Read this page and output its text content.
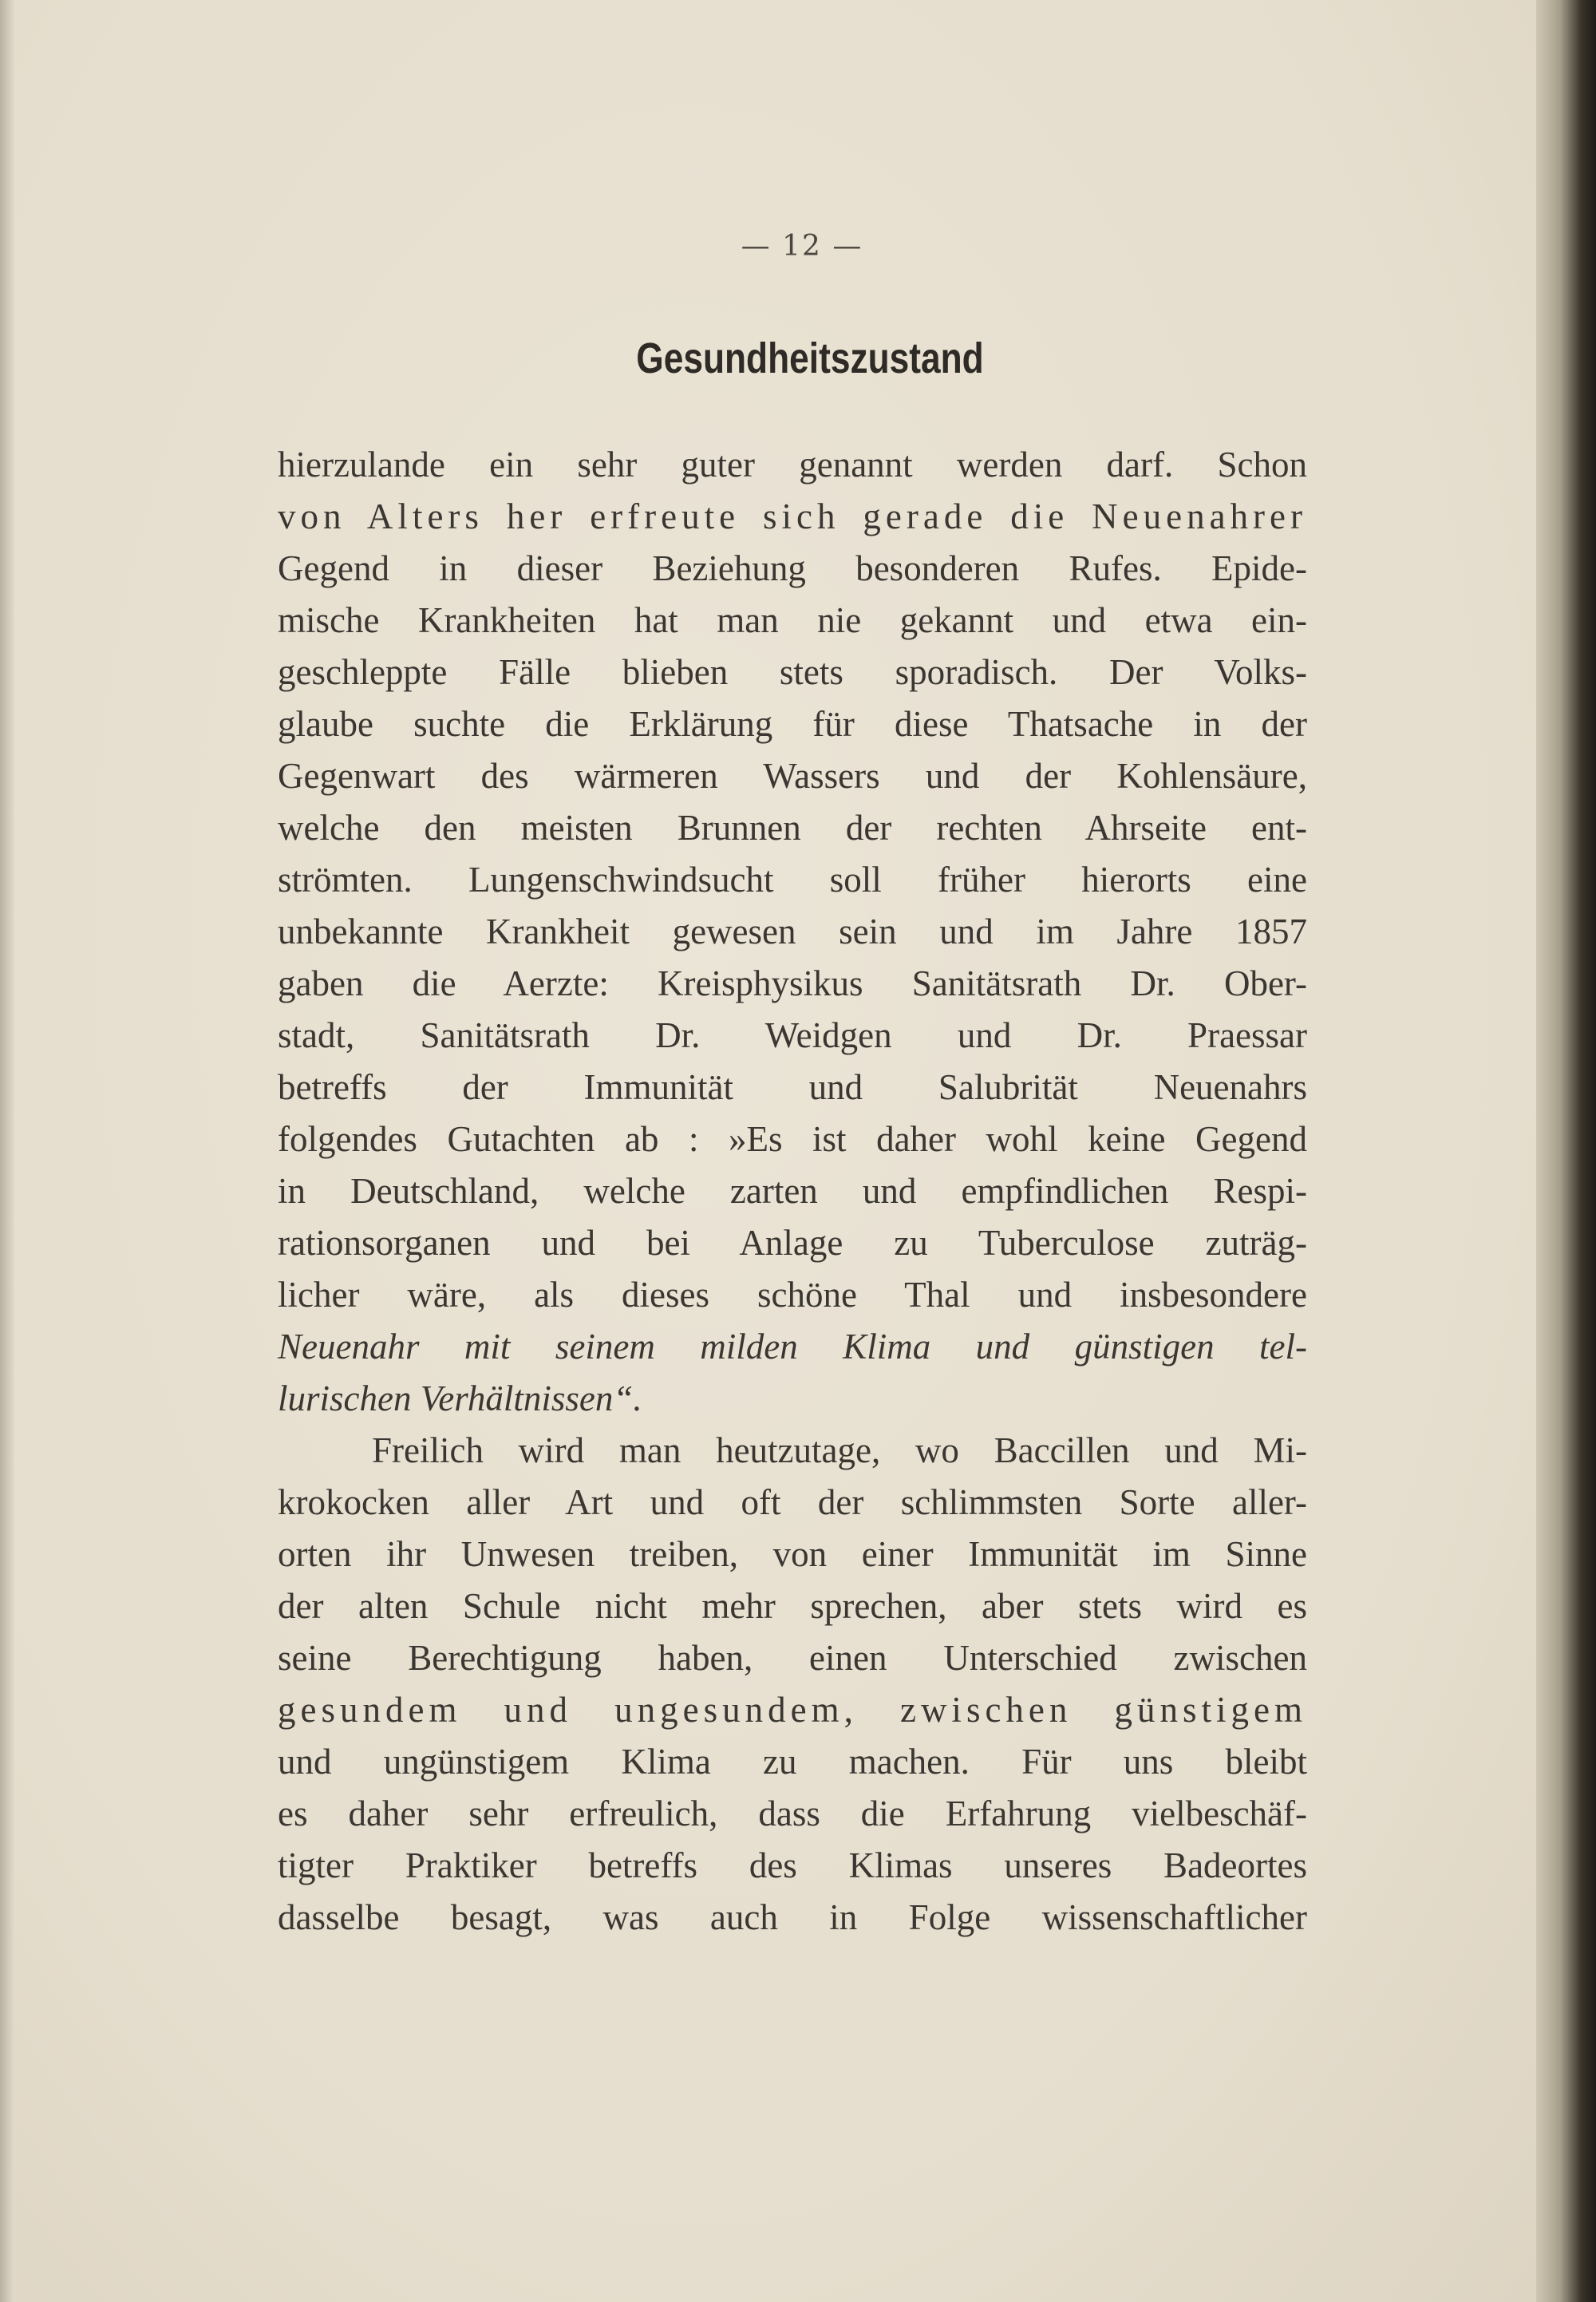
— 12 —
Gesundheitszustand
hierzulande ein sehr guter genannt werden darf. Schon
von Alters her erfreute sich gerade die Neuenahrer
Gegend in dieser Beziehung besonderen Rufes. Epide-
mische Krankheiten hat man nie gekannt und etwa ein-
geschleppte Fälle blieben stets sporadisch. Der Volks-
glaube suchte die Erklärung für diese Thatsache in der
Gegenwart des wärmeren Wassers und der Kohlensäure,
welche den meisten Brunnen der rechten Ahrseite ent-
strömten. Lungenschwindsucht soll früher hierorts eine
unbekannte Krankheit gewesen sein und im Jahre 1857
gaben die Aerzte: Kreisphysikus Sanitätsrath Dr. Ober-
stadt, Sanitätsrath Dr. Weidgen und Dr. Praessar
betreffs der Immunität und Salubrität Neuenahrs
folgendes Gutachten ab : »Es ist daher wohl keine Gegend
in Deutschland, welche zarten und empfindlichen Respi-
rationsorganen und bei Anlage zu Tuberculose zuträg-
licher wäre, als dieses schöne Thal und insbesondere
Neuenahr mit seinem milden Klima und günstigen tel-
lurischen Verhältnissen“.
Freilich wird man heutzutage, wo Baccillen und Mi-
krokocken aller Art und oft der schlimmsten Sorte aller-
orten ihr Unwesen treiben, von einer Immunität im Sinne
der alten Schule nicht mehr sprechen, aber stets wird es
seine Berechtigung haben, einen Unterschied zwischen
gesundem und ungesundem, zwischen günstigem
und ungünstigem Klima zu machen. Für uns bleibt
es daher sehr erfreulich, dass die Erfahrung vielbeschäf-
tigter Praktiker betreffs des Klimas unseres Badeortes
dasselbe besagt, was auch in Folge wissenschaftlicher
